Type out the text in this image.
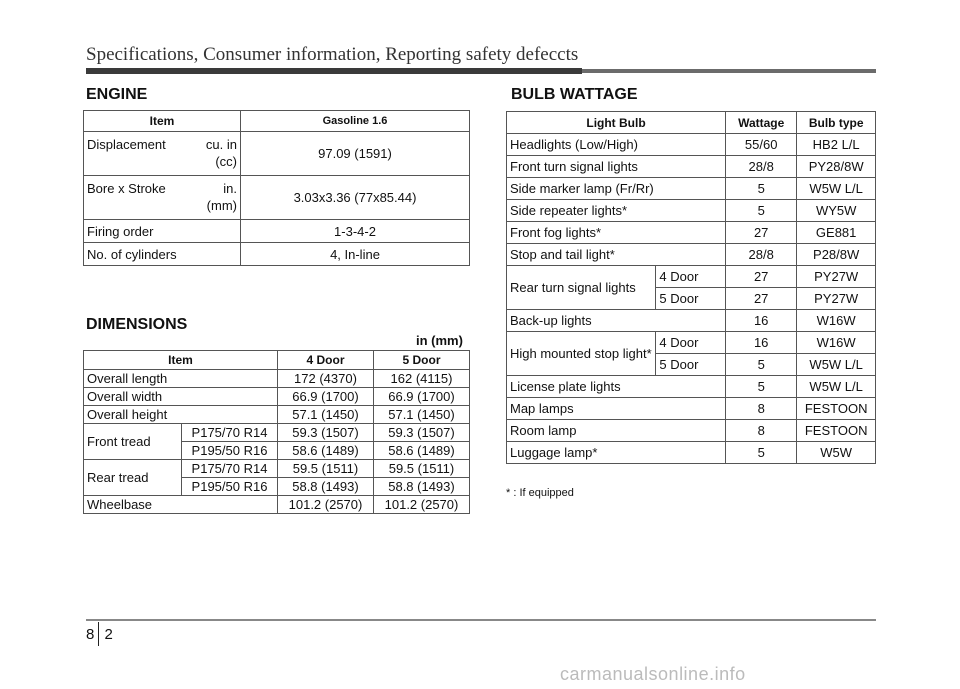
Specifications, Consumer information, Reporting safety defeccts
ENGINE
Item	Gasoline 1.6

Displacement cu. in
(cc)	97.09 (1591)

Bore x Stroke in.
(mm)	3.03x3.36 (77x85.44)
Firing order	1-3-4-2
No. of cylinders	4, In-line
DIMENSIONS
in (mm)
Item		4 Door	5 Door
Overall length		172 (4370)	162 (4115)
Overall width		66.9 (1700)	66.9 (1700)
Overall height		57.1 (1450)	57.1 (1450)
Front tread	P175/70 R14	59.3 (1507)	59.3 (1507)
	P195/50 R16	58.6 (1489)	58.6 (1489)
Rear tread	P175/70 R14	59.5 (1511)	59.5 (1511)
	P195/50 R16	58.8 (1493)	58.8 (1493)
Wheelbase		101.2 (2570)	101.2 (2570)
BULB WATTAGE
Light Bulb		Wattage	Bulb type
Headlights (Low/High)		55/60	HB2 L/L
Front turn signal lights		28/8	PY28/8W
Side marker lamp (Fr/Rr)		5	W5W L/L
Side repeater lights*		5	WY5W
Front fog lights*		27	GE881
Stop and tail light*		28/8	P28/8W
Rear turn signal lights	4 Door	27	PY27W
	5 Door	27	PY27W
Back-up lights		16	W16W
High mounted stop light*	4 Door	16	W16W
	5 Door	5	W5W L/L
License plate lights		5	W5W L/L
Map lamps		8	FESTOON
Room lamp		8	FESTOON
Luggage lamp*		5	W5W
* : If equipped
8 2
carmanualsonline.info
